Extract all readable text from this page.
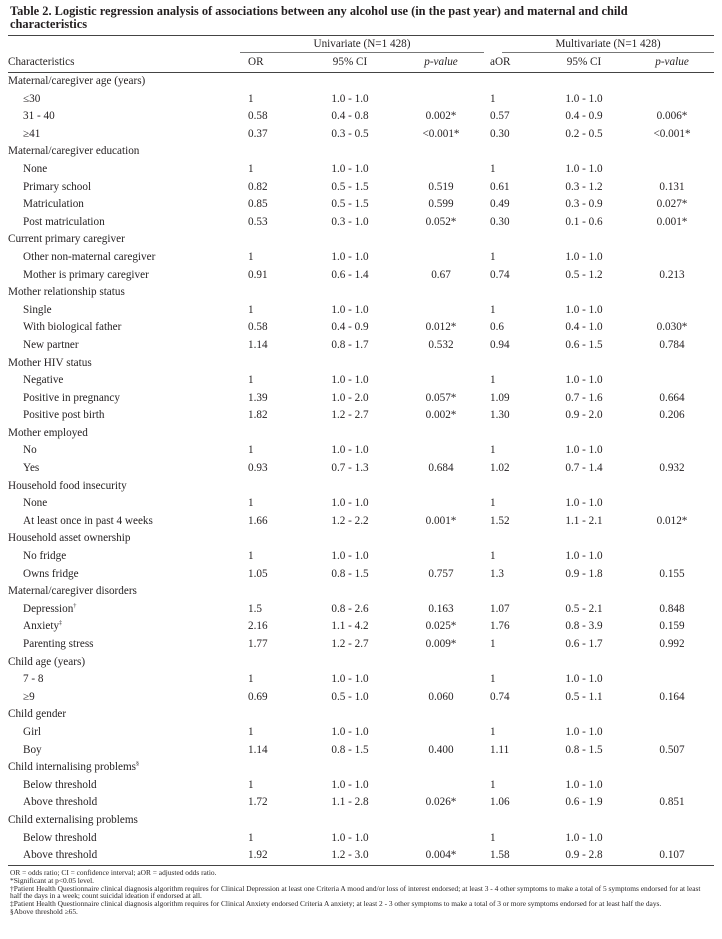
Table 2. Logistic regression analysis of associations between any alcohol use (in the past year) and maternal and child characteristics

	Univariate (N=1 428)			Multivariate (N=1 428)		

Characteristics	OR	95% CI	p-value	aOR	95% CI	p-value
Maternal/caregiver age (years)						
≤30	1	1.0 - 1.0		1	1.0 - 1.0	
31 - 40	0.58	0.4 - 0.8	0.002*	0.57	0.4 - 0.9	0.006*
≥41	0.37	0.3 - 0.5	<0.001*	0.30	0.2 - 0.5	<0.001*
Maternal/caregiver education						
None	1	1.0 - 1.0		1	1.0 - 1.0	
Primary school	0.82	0.5 - 1.5	0.519	0.61	0.3 - 1.2	0.131
Matriculation	0.85	0.5 - 1.5	0.599	0.49	0.3 - 0.9	0.027*
Post matriculation	0.53	0.3 - 1.0	0.052*	0.30	0.1 - 0.6	0.001*
Current primary caregiver						
Other non-maternal caregiver	1	1.0 - 1.0		1	1.0 - 1.0	
Mother is primary caregiver	0.91	0.6 - 1.4	0.67	0.74	0.5 - 1.2	0.213
Mother relationship status						
Single	1	1.0 - 1.0		1	1.0 - 1.0	
With biological father	0.58	0.4 - 0.9	0.012*	0.6	0.4 - 1.0	0.030*
New partner	1.14	0.8 - 1.7	0.532	0.94	0.6 - 1.5	0.784
Mother HIV status						
Negative	1	1.0 - 1.0		1	1.0 - 1.0	
Positive in pregnancy	1.39	1.0 - 2.0	0.057*	1.09	0.7 - 1.6	0.664
Positive post birth	1.82	1.2 - 2.7	0.002*	1.30	0.9 - 2.0	0.206
Mother employed						
No	1	1.0 - 1.0		1	1.0 - 1.0	
Yes	0.93	0.7 - 1.3	0.684	1.02	0.7 - 1.4	0.932
Household food insecurity						
None	1	1.0 - 1.0		1	1.0 - 1.0	
At least once in past 4 weeks	1.66	1.2 - 2.2	0.001*	1.52	1.1 - 2.1	0.012*
Household asset ownership						
No fridge	1	1.0 - 1.0		1	1.0 - 1.0	
Owns fridge	1.05	0.8 - 1.5	0.757	1.3	0.9 - 1.8	0.155
Maternal/caregiver disorders						
Depression†	1.5	0.8 - 2.6	0.163	1.07	0.5 - 2.1	0.848
Anxiety‡	2.16	1.1 - 4.2	0.025*	1.76	0.8 - 3.9	0.159
Parenting stress	1.77	1.2 - 2.7	0.009*	1	0.6 - 1.7	0.992
Child age (years)						
7 - 8	1	1.0 - 1.0		1	1.0 - 1.0	
≥9	0.69	0.5 - 1.0	0.060	0.74	0.5 - 1.1	0.164
Child gender						
Girl	1	1.0 - 1.0		1	1.0 - 1.0	
Boy	1.14	0.8 - 1.5	0.400	1.11	0.8 - 1.5	0.507
Child internalising problems§
Below threshold	1	1.0 - 1.0		1	1.0 - 1.0	
Above threshold	1.72	1.1 - 2.8	0.026*	1.06	0.6 - 1.9	0.851
Child externalising problems						
Below threshold	1	1.0 - 1.0		1	1.0 - 1.0	
Above threshold	1.92	1.2 - 3.0	0.004*	1.58	0.9 - 2.8	0.107
OR = odds ratio; CI = confidence interval; aOR = adjusted odds ratio.
*Significant at p<0.05 level.
†Patient Health Questionnaire clinical diagnosis algorithm requires for Clinical Depression at least one Criteria A mood and/or loss of interest endorsed; at least 3 - 4 other symptoms to make a total of 5 symptoms endorsed for at least half the days in a week; count suicidal ideation if endorsed at all.
‡Patient Health Questionnaire clinical diagnosis algorithm requires for Clinical Anxiety endorsed Criteria A anxiety; at least 2 - 3 other symptoms to make a total of 3 or more symptoms endorsed for at least half the days.
§Above threshold ≥65.
